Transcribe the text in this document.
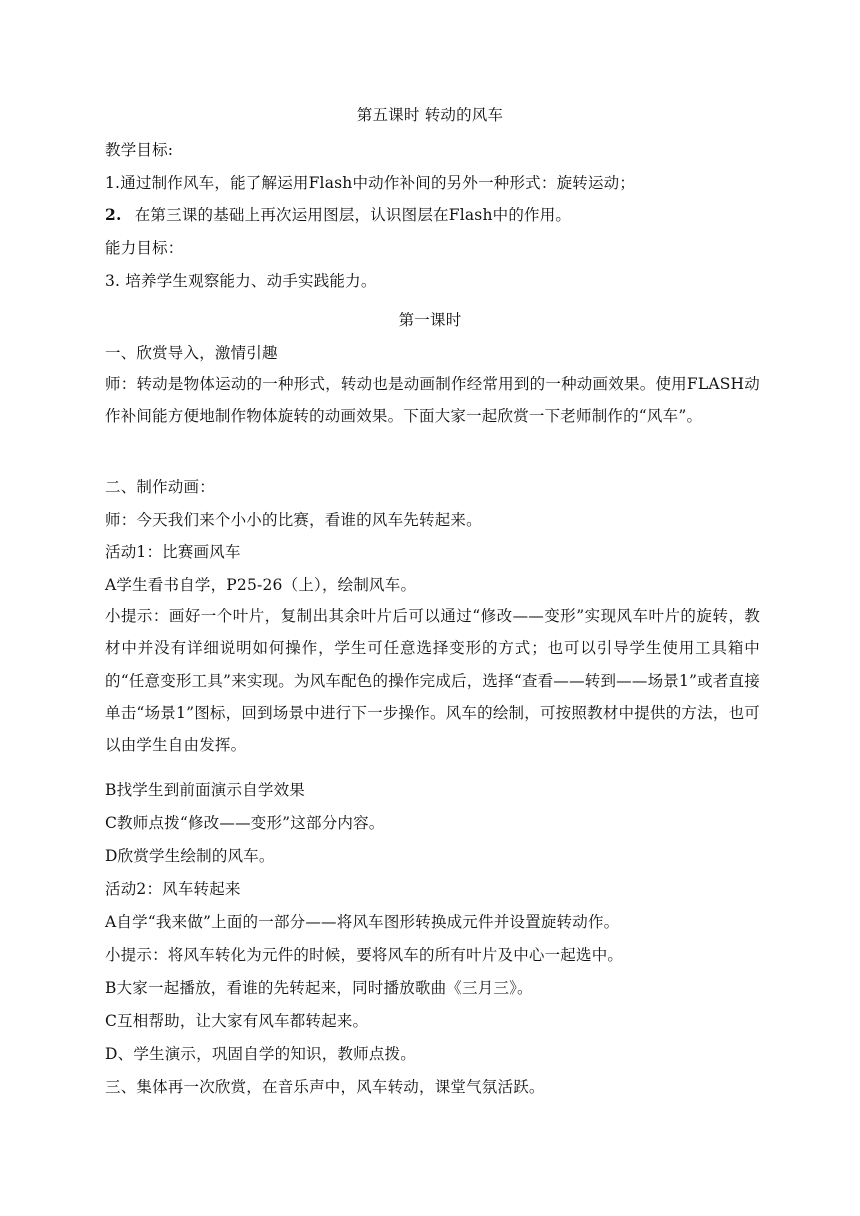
第五课时 转动的风车
教学目标:
1.通过制作风车，能了解运用Flash中动作补间的另外一种形式：旋转运动；
2. 在第三课的基础上再次运用图层，认识图层在Flash中的作用。
能力目标：
3. 培养学生观察能力、动手实践能力。
第一课时
一、欣赏导入，激情引趣
师：转动是物体运动的一种形式，转动也是动画制作经常用到的一种动画效果。使用FLASH动作补间能方便地制作物体旋转的动画效果。下面大家一起欣赏一下老师制作的“风车”。
二、制作动画：
师：今天我们来个小小的比赛，看谁的风车先转起来。
活动1：比赛画风车
A学生看书自学，P25-26（上），绘制风车。
小提示：画好一个叶片，复制出其余叶片后可以通过“修改——变形”实现风车叶片的旋转，教材中并没有详细说明如何操作，学生可任意选择变形的方式；也可以引导学生使用工具箱中的“任意变形工具”来实现。为风车配色的操作完成后，选择“查看——转到——场景1”或者直接单击“场景1”图标，回到场景中进行下一步操作。风车的绘制，可按照教材中提供的方法，也可以由学生自由发挥。
B找学生到前面演示自学效果
C教师点拨“修改——变形”这部分内容。
D欣赏学生绘制的风车。
活动2：风车转起来
A自学“我来做”上面的一部分——将风车图形转换成元件并设置旋转动作。
小提示：将风车转化为元件的时候，要将风车的所有叶片及中心一起选中。
B大家一起播放，看谁的先转起来，同时播放歌曲《三月三》。
C互相帮助，让大家有风车都转起来。
D、学生演示，巩固自学的知识，教师点拨。
三、集体再一次欣赏，在音乐声中，风车转动，课堂气氛活跃。
